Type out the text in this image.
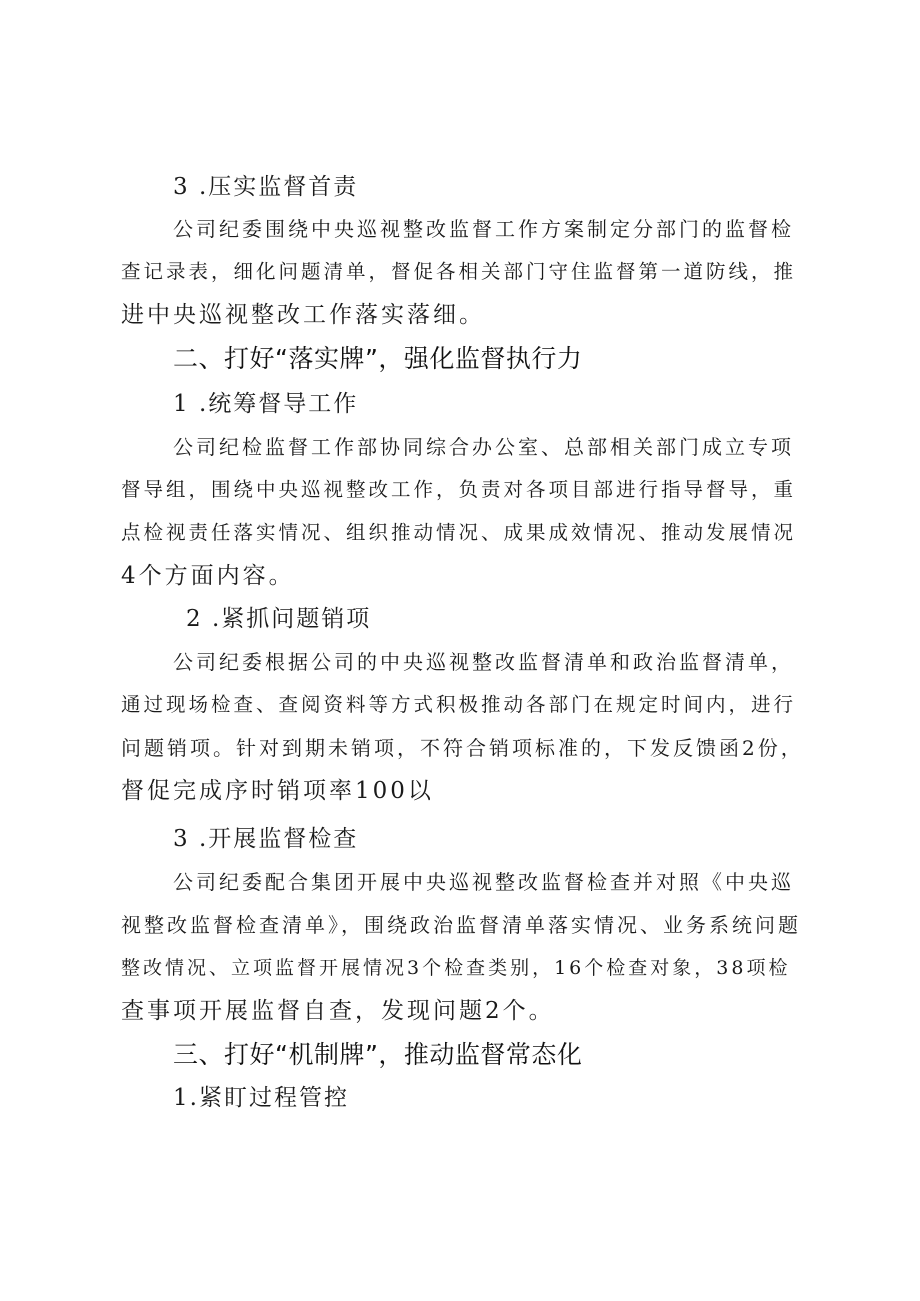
3 .压实监督首责
公司纪委围绕中央巡视整改监督工作方案制定分部门的监督检
查记录表，细化问题清单，督促各相关部门守住监督第一道防线，推
进中央巡视整改工作落实落细。
二、打好“落实牌”，强化监督执行力
1 .统筹督导工作
公司纪检监督工作部协同综合办公室、总部相关部门成立专项
督导组，围绕中央巡视整改工作，负责对各项目部进行指导督导，重
点检视责任落实情况、组织推动情况、成果成效情况、推动发展情况
4个方面内容。
2 .紧抓问题销项
公司纪委根据公司的中央巡视整改监督清单和政治监督清单，
通过现场检查、查阅资料等方式积极推动各部门在规定时间内，进行
问题销项。针对到期未销项，不符合销项标准的，下发反馈函2份，
督促完成序时销项率100以
3 .开展监督检查
公司纪委配合集团开展中央巡视整改监督检查并对照《中央巡
视整改监督检查清单》，围绕政治监督清单落实情况、业务系统问题
整改情况、立项监督开展情况3个检查类别，16个检查对象，38项检
查事项开展监督自查，发现问题2个。
三、打好“机制牌”，推动监督常态化
1.紧盯过程管控
